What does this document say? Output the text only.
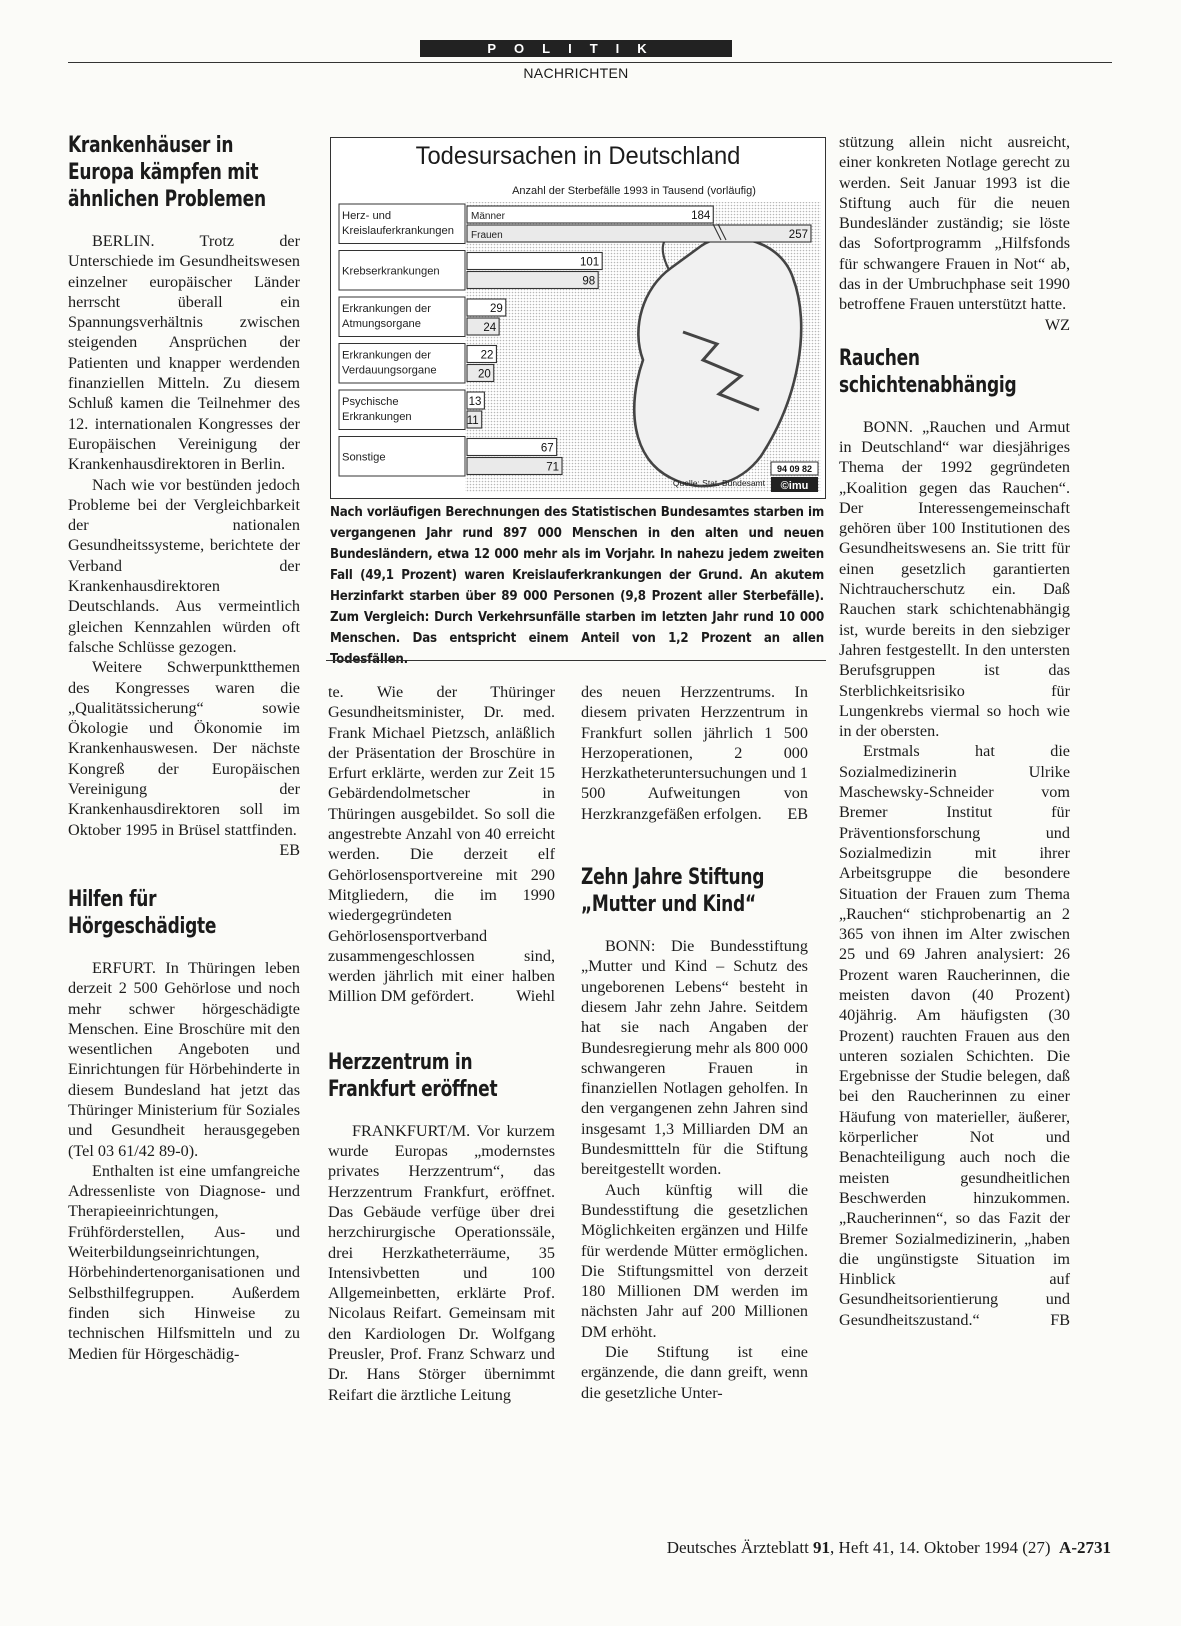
POLITIK
NACHRICHTEN
Krankenhäuser in Europa kämpfen mit ähnlichen Problemen

BERLIN. Trotz der Unterschiede im Gesundheitswesen einzelner europäischer Länder herrscht überall ein Spannungsverhältnis zwischen steigenden Ansprüchen der Patienten und knapper werdenden finanziellen Mitteln. Zu diesem Schluß kamen die Teilnehmer des 12. internationalen Kongresses der Europäischen Vereinigung der Krankenhausdirektoren in Berlin.

Nach wie vor bestünden jedoch Probleme bei der Vergleichbarkeit der nationalen Gesundheitssysteme, berichtete der Verband der Krankenhausdirektoren Deutschlands. Aus vermeintlich gleichen Kennzahlen würden oft falsche Schlüsse gezogen.

Weitere Schwerpunktthemen des Kongresses waren die „Qualitätssicherung“ sowie Ökologie und Ökonomie im Krankenhauswesen. Der nächste Kongreß der Europäischen Vereinigung der Krankenhausdirektoren soll im Oktober 1995 in Brüsel stattfinden.
EB

Hilfen für Hörgeschädigte

ERFURT. In Thüringen leben derzeit 2 500 Gehörlose und noch mehr schwer hörgeschädigte Menschen. Eine Broschüre mit den wesentlichen Angeboten und Einrichtungen für Hörbehinderte in diesem Bundesland hat jetzt das Thüringer Ministerium für Soziales und Gesundheit herausgegeben (Tel 03 61/42 89-0).

Enthalten ist eine umfangreiche Adressenliste von Diagnose- und Therapieeinrichtungen, Frühförderstellen, Aus- und Weiterbildungseinrichtungen, Hörbehindertenorganisationen und Selbsthilfegruppen. Außerdem finden sich Hinweise zu technischen Hilfsmitteln und zu Medien für Hörgeschädig-

Todesursachen in Deutschland
Anzahl der Sterbefälle 1993 in Tausend (vorläufig)
Herz- und Kreislauferkrankungen
184
Männer
257
Frauen
Krebserkrankungen
101
98
Erkrankungen der Atmungsorgane
29
24
Erkrankungen der Verdauungsorgane
22
20
Psychische Erkrankungen
13
11
Sonstige
67
71
Quelle: Stat. Bundesamt
94 09 82
©imu
Nach vorläufigen Berechnungen des Statistischen Bundesamtes starben im vergangenen Jahr rund 897 000 Menschen in den alten und neuen Bundesländern, etwa 12 000 mehr als im Vorjahr. In nahezu jedem zweiten Fall (49,1 Prozent) waren Kreislauferkrankungen der Grund. An akutem Herzinfarkt starben über 89 000 Personen (9,8 Prozent aller Sterbefälle). Zum Vergleich: Durch Verkehrsunfälle starben im letzten Jahr rund 10 000 Menschen. Das entspricht einem Anteil von 1,2 Prozent an allen Todesfällen.

te. Wie der Thüringer Gesundheitsminister, Dr. med. Frank Michael Pietzsch, anläßlich der Präsentation der Broschüre in Erfurt erklärte, werden zur Zeit 15 Gebärdendolmetscher in Thüringen ausgebildet. So soll die angestrebte Anzahl von 40 erreicht werden. Die derzeit elf Gehörlosensportvereine mit 290 Mitgliedern, die im 1990 wiedergegründeten Gehörlosensportverband zusammengeschlossen sind, werden jährlich mit einer halben Million DM gefördert.	Wiehl

Herzzentrum in Frankfurt eröffnet

FRANKFURT/M. Vor kurzem wurde Europas „modernstes privates Herzzentrum“, das Herzzentrum Frankfurt, eröffnet. Das Gebäude verfüge über drei herzchirurgische Operationssäle, drei Herzkatheterräume, 35 Intensivbetten und 100 Allgemeinbetten, erklärte Prof. Nicolaus Reifart. Gemeinsam mit den Kardiologen Dr. Wolfgang Preusler, Prof. Franz Schwarz und Dr. Hans Störger übernimmt Reifart die ärztliche Leitung

des neuen Herzzentrums. In diesem privaten Herzzentrum in Frankfurt sollen jährlich 1 500 Herzoperationen, 2 000 Herzkatheteruntersuchungen und 1 500 Aufweitungen von Herzkranzgefäßen erfolgen. EB

Zehn Jahre Stiftung „Mutter und Kind“

BONN: Die Bundesstiftung „Mutter und Kind – Schutz des ungeborenen Lebens“ besteht in diesem Jahr zehn Jahre. Seitdem hat sie nach Angaben der Bundesregierung mehr als 800 000 schwangeren Frauen in finanziellen Notlagen geholfen. In den vergangenen zehn Jahren sind insgesamt 1,3 Milliarden DM an Bundesmittteln für die Stiftung bereitgestellt worden.

Auch künftig will die Bundesstiftung die gesetzlichen Möglichkeiten ergänzen und Hilfe für werdende Mütter ermöglichen. Die Stiftungsmittel von derzeit 180 Millionen DM werden im nächsten Jahr auf 200 Millionen DM erhöht.

Die Stiftung ist eine ergänzende, die dann greift, wenn die gesetzliche Unter-

stützung allein nicht ausreicht, einer konkreten Notlage gerecht zu werden. Seit Januar 1993 ist die Stiftung auch für die neuen Bundesländer zuständig; sie löste das Sofortprogramm „Hilfsfonds für schwangere Frauen in Not“ ab, das in der Umbruchphase seit 1990 betroffene Frauen unterstützt hatte.
WZ

Rauchen schichtenabhängig

BONN. „Rauchen und Armut in Deutschland“ war diesjähriges Thema der 1992 gegründeten „Koalition gegen das Rauchen“. Der Interessengemeinschaft gehören über 100 Institutionen des Gesundheitswesens an. Sie tritt für einen gesetzlich garantierten Nichtraucherschutz ein. Daß Rauchen stark schichtenabhängig ist, wurde bereits in den siebziger Jahren festgestellt. In den untersten Berufsgruppen ist das Sterblichkeitsrisiko für Lungenkrebs viermal so hoch wie in der obersten.

Erstmals hat die Sozialmedizinerin Ulrike Maschewsky-Schneider vom Bremer Institut für Präventionsforschung und Sozialmedizin mit ihrer Arbeitsgruppe die besondere Situation der Frauen zum Thema „Rauchen“ stichprobenartig an 2 365 von ihnen im Alter zwischen 25 und 69 Jahren analysiert: 26 Prozent waren Raucherinnen, die meisten davon (40 Prozent) 40jährig. Am häufigsten (30 Prozent) rauchten Frauen aus den unteren sozialen Schichten. Die Ergebnisse der Studie belegen, daß bei den Raucherinnen zu einer Häufung von materieller, äußerer, körperlicher Not und Benachteiligung auch noch die meisten gesundheitlichen Beschwerden hinzukommen. „Raucherinnen“, so das Fazit der Bremer Sozialmedizinerin, „haben die ungünstigste Situation im Hinblick auf Gesundheitsorientierung und Gesundheitszustand.“	FB

Deutsches Ärzteblatt 91, Heft 41, 14. Oktober 1994 (27) A-2731
